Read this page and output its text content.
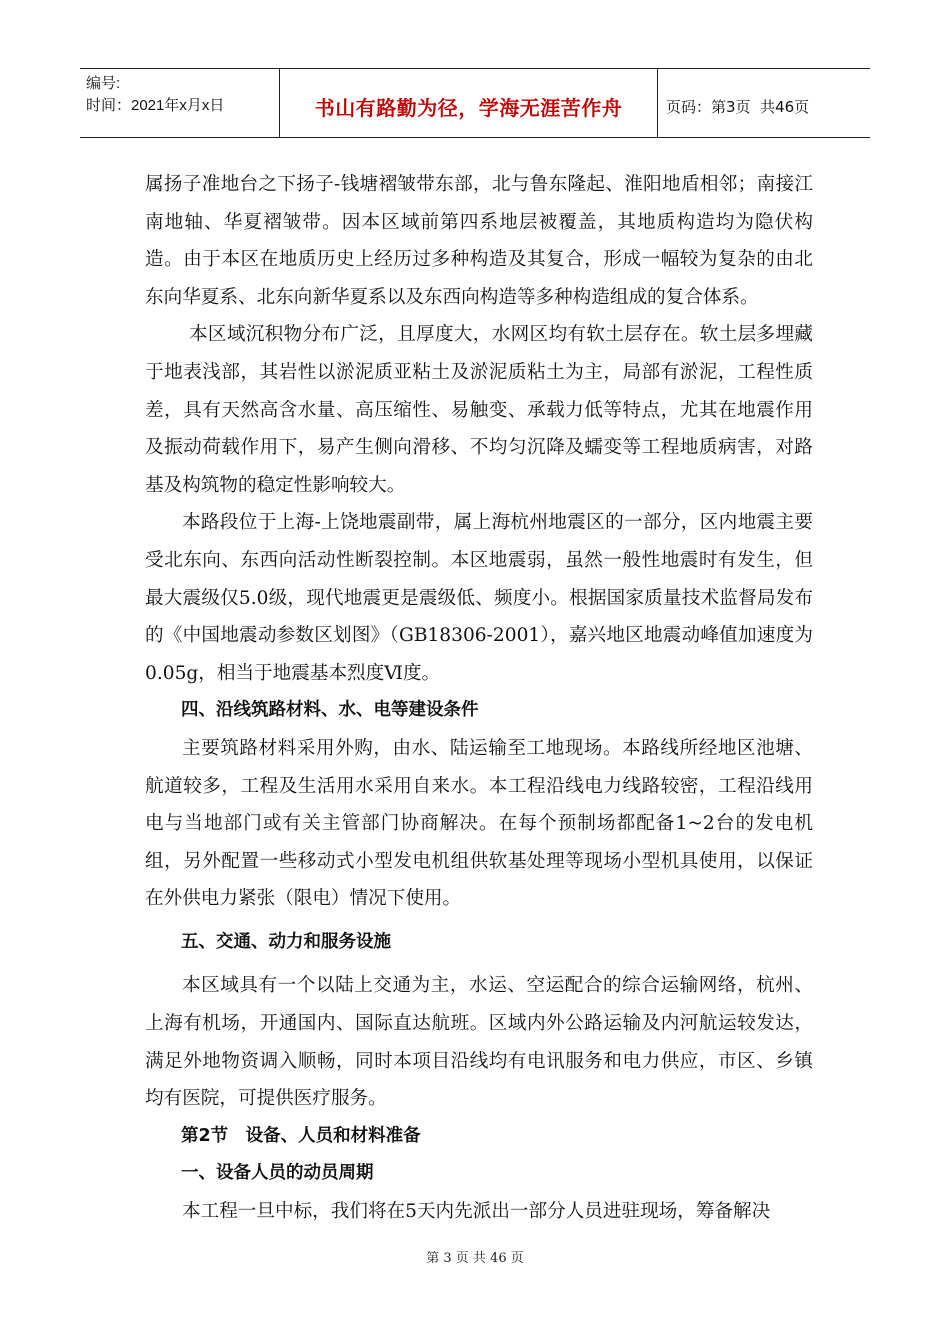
编号:
时间：2021年x月x日	书山有路勤为径，学海无涯苦作舟	页码：第3页  共46页

属扬子准地台之下扬子-钱塘褶皱带东部，北与鲁东隆起、淮阳地盾相邻；南接江南地轴、华夏褶皱带。因本区域前第四系地层被覆盖，其地质构造均为隐伏构造。由于本区在地质历史上经历过多种构造及其复合，形成一幅较为复杂的由北东向华夏系、北东向新华夏系以及东西向构造等多种构造组成的复合体系。

本区域沉积物分布广泛，且厚度大，水网区均有软土层存在。软土层多埋藏于地表浅部，其岩性以淤泥质亚粘土及淤泥质粘土为主，局部有淤泥，工程性质差，具有天然高含水量、高压缩性、易触变、承载力低等特点，尤其在地震作用及振动荷载作用下，易产生侧向滑移、不均匀沉降及蠕变等工程地质病害，对路基及构筑物的稳定性影响较大。

本路段位于上海-上饶地震副带，属上海杭州地震区的一部分，区内地震主要受北东向、东西向活动性断裂控制。本区地震弱，虽然一般性地震时有发生，但最大震级仅5.0级，现代地震更是震级低、频度小。根据国家质量技术监督局发布的《中国地震动参数区划图》（GB18306-2001），嘉兴地区地震动峰值加速度为0.05g，相当于地震基本烈度Ⅵ度。

四、沿线筑路材料、水、电等建设条件

主要筑路材料采用外购，由水、陆运输至工地现场。本路线所经地区池塘、航道较多，工程及生活用水采用自来水。本工程沿线电力线路较密，工程沿线用电与当地部门或有关主管部门协商解决。在每个预制场都配备1~2台的发电机组，另外配置一些移动式小型发电机组供软基处理等现场小型机具使用，以保证在外供电力紧张（限电）情况下使用。

五、交通、动力和服务设施

本区域具有一个以陆上交通为主，水运、空运配合的综合运输网络，杭州、上海有机场，开通国内、国际直达航班。区域内外公路运输及内河航运较发达，满足外地物资调入顺畅，同时本项目沿线均有电讯服务和电力供应，市区、乡镇均有医院，可提供医疗服务。

第2节　设备、人员和材料准备

一、设备人员的动员周期

本工程一旦中标，我们将在5天内先派出一部分人员进驻现场，筹备解决

第 3 页 共 46 页
